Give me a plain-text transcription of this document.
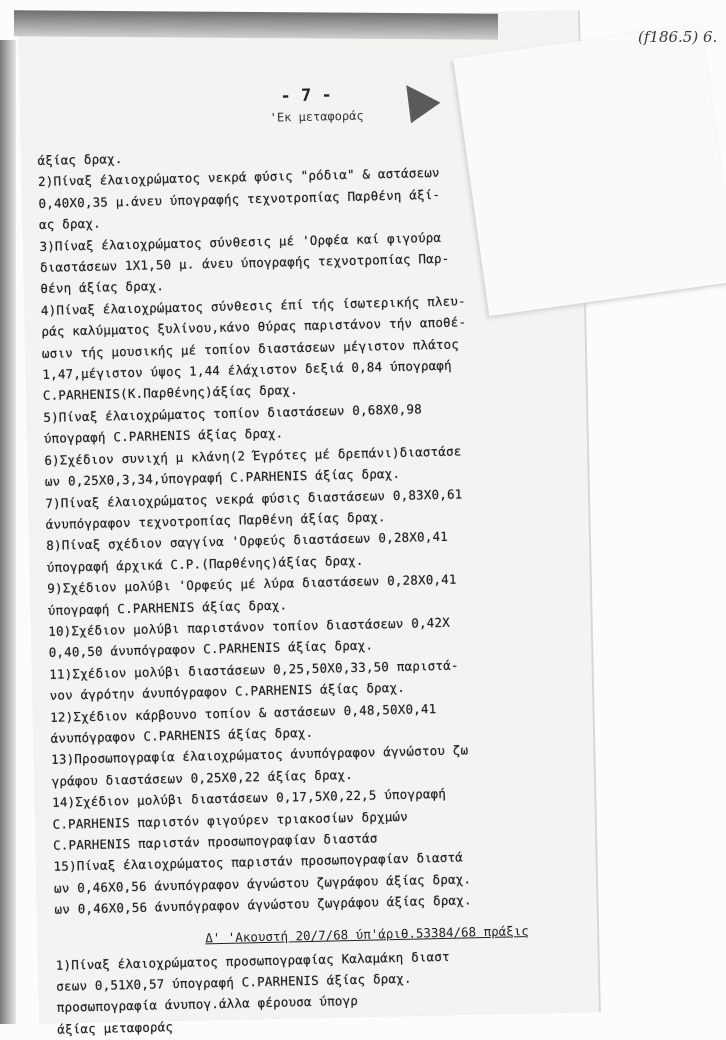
(f186.5) 6.
- 7 -
'Εκ μεταφοράς
άξίας δραχ.
2)Πίναξ έλαιοχρώματος νεκρά φύσις "ρόδια" & αστάσεων
0,40Χ0,35 μ.άνευ ύπογραφής τεχνοτροπίας Παρθένη άξί-
ας δραχ.
3)Πίναξ έλαιοχρώματος σύνθεσις μέ 'Ορφέα καί φιγούρα
διαστάσεων 1Χ1,50 μ. άνευ ύπογραφής τεχνοτροπίας Παρ-
θένη άξίας δραχ.
4)Πίναξ έλαιοχρώματος σύνθεσις έπί τής ίσωτερικής πλευ-
ράς καλύμματος ξυλίνου,κάνο θύρας παριστάνον τήν αποθέ-
ωσιν τής μουσικής μέ τοπίον διαστάσεων μέγιστον πλάτος
1,47,μέγιστον ύψος 1,44 έλάχιστον δεξιά 0,84 ύπογραφή
C.PARHENIS(Κ.Παρθένης)άξίας δραχ.
5)Πίναξ έλαιοχρώματος τοπίον διαστάσεων 0,68Χ0,98
ύπογραφή C.PARHENIS άξίας δραχ.
6)Σχέδιον συνιχή μ κλάνη(2 Έγρότες μέ δρεπάνι)διαστάσε
ων 0,25Χ0,3,34,ύπογραφή C.PARHENIS άξίας δραχ.
7)Πίναξ έλαιοχρώματος νεκρά φύσις διαστάσεων 0,83Χ0,61
άνυπόγραφον τεχνοτροπίας Παρθένη άξίας δραχ.
8)Πίναξ σχέδιον σαγγίνα 'Ορφεύς διαστάσεων 0,28Χ0,41
ύπογραφή άρχικά C.P.(Παρθένης)άξίας δραχ.
9)Σχέδιον μολύβι 'Ορφεύς μέ λύρα διαστάσεων 0,28Χ0,41
ύπογραφή C.PARHENIS άξίας δραχ.
10)Σχέδιον μολύβι παριστάνον τοπίον διαστάσεων 0,42Χ
0,40,50 άνυπόγραφον C.PARHENIS άξίας δραχ.
11)Σχέδιον μολύβι διαστάσεων 0,25,50Χ0,33,50 παριστά-
νον άγρότην άνυπόγραφον C.PARHENIS άξίας δραχ.
12)Σχέδιον κάρβουνο τοπίον & αστάσεων 0,48,50Χ0,41
άνυπόγραφον C.PARHENIS άξίας δραχ.
13)Προσωπογραφία έλαιοχρώματος άνυπόγραφον άγνώστου ζω
γράφου διαστάσεων 0,25Χ0,22 άξίας δραχ.
14)Σχέδιον μολύβι διαστάσεων 0,17,5Χ0,22,5 ύπογραφή
C.PARHENIS παριστόν φιγούρεν τριακοσίων δρχμών
C.PARHENIS παριστάν προσωπογραφίαν διαστάσ
15)Πίναξ έλαιοχρώματος παριστάν προσωπογραφίαν διαστά
ων 0,46Χ0,56 άνυπόγραφον άγνώστου ζωγράφου άξίας δραχ.
ων 0,46Χ0,56 άνυπόγραφον άγνώστου ζωγράφου άξίας δραχ.
Δ' 'Ακουστή 20/7/68 ύπ'άριθ.53384/68 πράξις
1)Πίναξ έλαιοχρώματος προσωπογραφίας Καλαμάκη διαστ
σεων 0,51Χ0,57 ύπογραφή C.PARHENIS άξίας δραχ.
προσωπογραφία άνυπογ.άλλα φέρουσα ύπογρ
άξίας μεταφοράς
